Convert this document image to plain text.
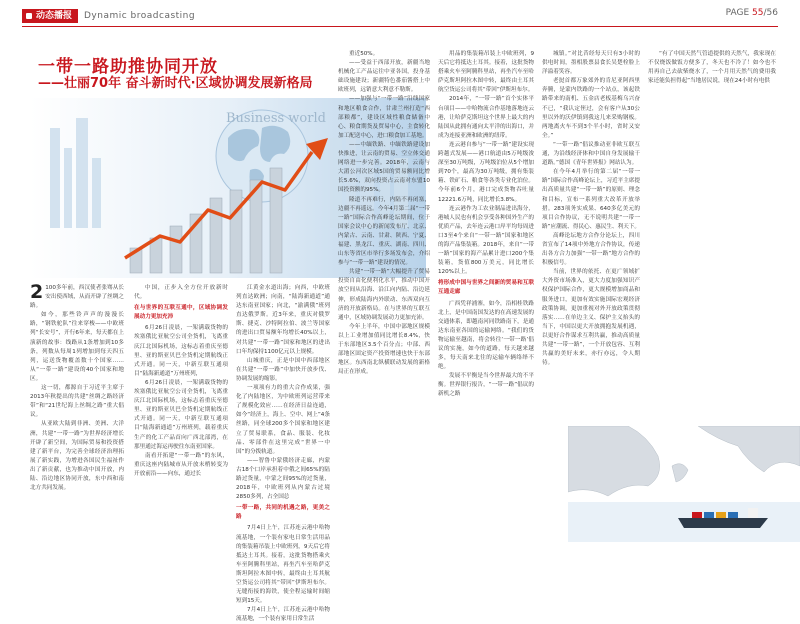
动态播报	Dynamic broadcasting	PAGE 55/56
一带一路助推协同开放
——壮丽70年 奋斗新时代·区域协调发展新格局
Business world

2 100多年前，西汉使者张骞从长安出使西域，从而开辟了丝绸之路。

如今，那些铃声声的漫漫长路，“钢铁驼队”往来穿梭——中欧班列“长安号”，开行6年来，每天都在上演新的故事：线路从1条增加到10多条，列数从每周1列增加到每天四五列，运送货物覆盖数十个国家……从“一带一路”建设的40个国家和地区。

这一切，都源自于习近平主席于2013年秋提出的共建“丝绸之路经济带”和“21世纪海上丝绸之路”重大倡议。

从亚欧大陆到非洲、美洲、大洋洲，共建“一带一路”为世界经济增长开辟了新空间，为国际贸易和投资搭建了新平台，为完善全球经济治理拓展了新实践，为增进各国民生福祉作出了新贡献，也为推动中国开放，内陆、沿边地区协同开放，东中西和南北方共同发展。

中国，正步入全方位开放新时代。

在与世界的互联互通中，区域协调发展动力更加充沛

6月26日凌晨，一架满载货物的埃塞俄比亚航空公司全货机，飞离重庆江北国际机场，这标志着重庆至德里、亚的斯亚贝巴全货机定期航线正式开通。同一天，中新互联互通项目“陆海新通道”万州班列，

6月26日凌晨，一架满载货物的埃塞俄比亚航空公司全货机，飞离重庆江北国际机场，这标志着重庆至德里、亚的斯亚贝巴全货机定期航线正式开通。同一天，中新互联互通项目“陆海新通道”万州班列，载着重庆生产的化工产品首向广西北部湾，在那里通过海运再驶往东南亚国家。

南看开拓建“一带一路”的东风，重庆这座内陆城市从开放末梢转变为开放前沿——向东，通过长

江黄金水道出海；向西，中欧班列直达欧洲；向南，“陆海新通道”通达东南亚国家；向北，“渝满俄”班列直达俄罗斯。近3年来，重庆对俄罗斯、捷克、沙特阿拉伯、波兰等国家的进出口贸易额年均增长40%以上，对共建“一带一路”国家和地区的进出口年均保持1100亿元以上规模。

山城重庆，正是中国中西部地区在共建“一带一路”中加快开放步伐、协调发展的缩影。

一项项有力的重大合作成果，强化了内陆地区，为中欧班列运营带来了规模化效应……在经济日益连通，如今“经济上，海上、空中、网上”4条丝路，同全球200多个国家和地区建立了贸易联系，食品、服装、化妆品、零部件在这里完成“世界一中国”的分拨轨道。

——智鲁中蒙俄经济走廊，内蒙古18个口岸承担着中俄之间65%的陆路过货量，中蒙之间95%的过货量，2018年，中欧班列从内蒙古过境2850多列，占全国总

一带一路，共同的机遇之路，更美之路

7月4日上午，江苏连云港中哈物流基地，一个装有家电日常生活用品的集装箱吊装上中欧班列，9天后它将抵达土耳其。接着，这批货物搭乘火车至阿腾科里站，再坐汽车至哈萨克斯坦阿拉木图中转，最终由土耳其航空货运公司将其“带回”伊斯坦布尔。无缝衔接的海铁，使全程运输时间缩短到15天。

7月4日上午，江苏连云港中哈物流基地，一个装有家用日常生活

重近50%。

——受益于西部开放，新疆当地机械化工产品运往中亚各国，投身基础设施建设；新疆特色番茄酱搭上中欧班列，远销意大利意不勒斯。

——加强与“一带一路”沿线国家和地区粮食合作，甘肃兰州打造“西部粮都”，建设区域性粮食储备中心、粮食期货及贸易中心，主食转化加工配送中心，进口粮食加工基地。

——中缅铁路、中缅铁路建设加快推进，让云南的贸易、空立体交通网络进一步完善。2018年，云南与大湄公河次区域5国的贸易额同比增长5.6%，双向投资占云南对东盟10国投资额的95%。

隆道不再难行，内陆不再闭塞，边疆不再遥远。今年4月第二届“一带一路”国际合作高峰论坛期间，位于国家会议中心的新闻发布厅、北京、内蒙古、云南、甘肃、陕西、宁夏、福建、黑龙江、重庆、湖南、四川、山东等省区市举行多场发布会，介绍参与“一带一路”建设的情况。

共建“一带一路”大幅提升了贸易投资自由化便利化水平，推动中国开放空间从沿海、沿江向内陆、沿边延伸，形成陆海内外联动、东西双向互济的开放新格局。在与世界的互联互通中，区域协调发展动力更加充沛。

今年上半年，中国中部地区规模以上工业增加值同比增长8.4%，快于东部地区3.5个百分点；中部、西部地区固定资产投资增速也快于东部地区。东西南北纵横联动发展的新格局正在形成。

用品的集装箱吊装上中欧班列，9天后它将抵达土耳其。接着，这批货物搭乘火车至阿腾科里站，再坐汽车至哈萨克斯坦阿拉木图中转，最终由土耳其航空货运公司将其“带回”伊斯坦布尔。

2014年，“一带一路”首个实体平台项目——中哈物流合作基地落地连云港，让哈萨克斯坦这个世界上最大的内陆国从此拥有通向太平洋的出海口，并成为连接亚洲和欧洲的纽带。

连云港自参与“一带一路”建设实现跨越式发展——港口航道由5万吨级浚深至30万吨级，万吨级泊位从5个增加到70个，最高为30万吨级，拥有集装箱、铁矿石、粮食等各类专业化泊位。今年前6个月，港口完成货物吞吐量12221.6万吨，同比增长3.8%。

连云港作为工农业制品进出海分，港城人民也有机会享受各种国外生产的优质产品，去年连云港口岸平均每周进口3至4个来自“一带一路”国家和地区的海产品集装箱。2018年，来自“一带一路”国家的海产品累计进口200个集装箱，货值800万美元，同比增长120%以上。

将形成中国与世界之间新的贸易和互联互通走廊

广西凭祥浦寨，如今，沿相桂铁路北上，是中国南国发达的在高速发展的交通体系，即越南河同铁路南下，是通达东南亚各国的运输网络。“我们的货物运输至越南，将会转往‘一带一路’倡议的实施，如今的道路，每天越来越多，每天南来北往的运输车辆络绎不绝。

发展不平衡是当今世界最大的不平衡。世界银行报告，“一带一路”倡议的新机之路

城镇。”对比昔经每天只有3小时的供电时间，墨相股票县食长吴楚栓脸上洋溢着笑容。

老挝首都万象郊外的肯尼亚阿西里奔腾，是蒙内铁路的一个站点，该起铁路带来的南机、五金店老板基梅乌兴奋不已，“我认定侄过，会有客户从30公里以外的沃伊镇到我这儿来采购钢板。两地离火车不到3个半小时，省时又安全。”

“一带一路”倡议推动亚非欧互联互通，为沿线经济体和中国自身发展输干道路。”德国《青年世界报》网站认为。

在今年4月举行的第二届“一带一路”国际合作高峰论坛上，习近平主席提出高质量共建“一带一路”的原则、理念和目标，宣布一系列重大改革开放举措。283项务实成果、640多亿美元的项目合作协议，无不说明共建“一带一路”应潮流、得民心、惠民生、利天下。

高峰论坛地方合作分论坛上，四川省宣布了14项中外地方合作协议，传递出各方合力加强“一带一路”地方合作的积极信号。

当前，世界的依托、在更广领域扩大外资市场准入，更大力度加强知识产权保护国际合作，更大规模增加商品和服务进口，更加有效实施国际宏观经济政策协调，更加重视对外开放政策贯彻落实……在单边主义、保护主义抬头的当下，中国以更大开放拥抱发展机遇，以更好合作谋求互利共赢，推动高质量共建“一带一路”，一个开放包容、互利共赢的美好未来，亦行亦远，令人期待。

“有了中国天然气管道提供的天然气，我家现在不仅烧饭做饭方便多了，冬天也不冷了！如今也不用再自己去砍柴烧水了，一个月用天然气的费用我家还能负担得起”当地居民说，现在24小时有电供
